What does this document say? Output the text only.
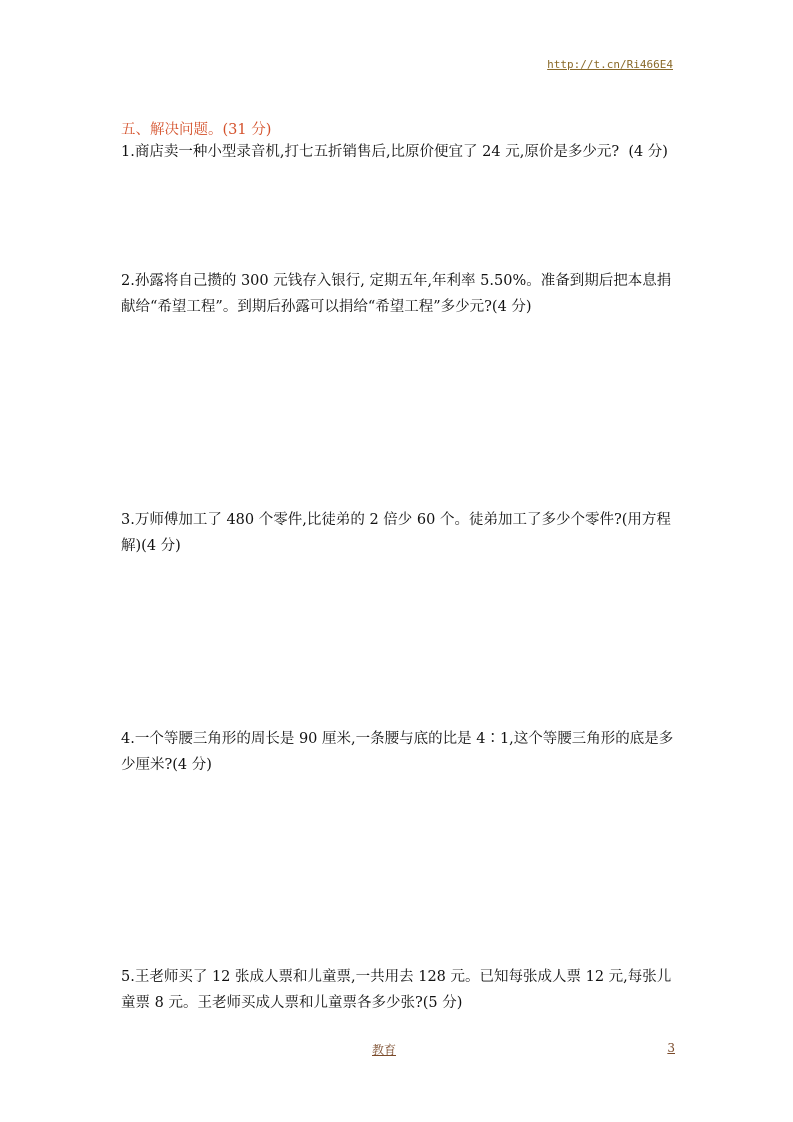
http://t.cn/Ri466E4
五、解决问题。(31 分)

1.商店卖一种小型录音机,打七五折销售后,比原价便宜了 24 元,原价是多少元?  (4 分)

2.孙露将自己攒的 300 元钱存入银行, 定期五年,年利率 5.50%。准备到期后把本息捐献给“希望工程”。到期后孙露可以捐给“希望工程”多少元?(4 分)

3.万师傅加工了 480 个零件,比徒弟的 2 倍少 60 个。徒弟加工了多少个零件?(用方程解)(4 分)

4.一个等腰三角形的周长是 90 厘米,一条腰与底的比是 4∶1,这个等腰三角形的底是多少厘米?(4 分)

5.王老师买了 12 张成人票和儿童票,一共用去 128 元。已知每张成人票 12 元,每张儿童票 8 元。王老师买成人票和儿童票各多少张?(5 分)

教育	3
